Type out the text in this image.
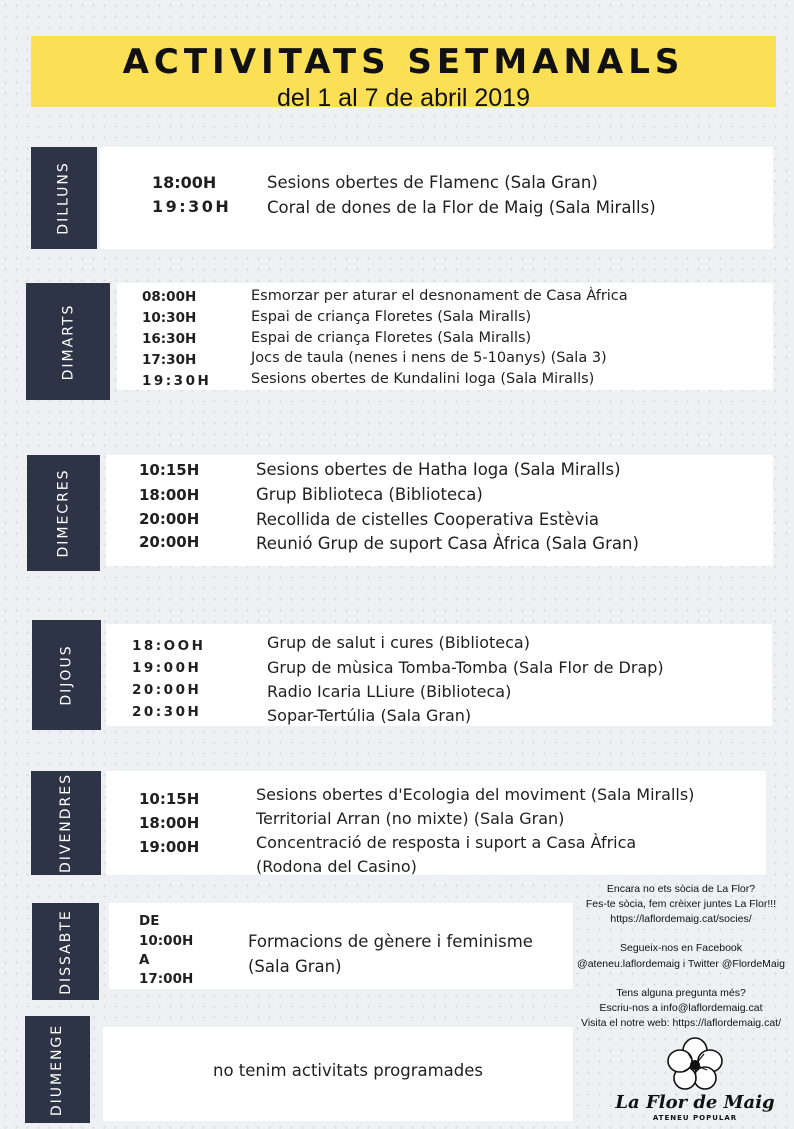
ACTIVITATS SETMANALS
del 1 al 7 de abril 2019
DILLUNS	18:00H	Sesions obertes de Flamenc (Sala Gran)
19:30H Coral de dones de la Flor de Maig (Sala Miralls)
DIMARTS
08:00H	Esmorzar per aturar el desnonament de Casa Àfrica
10:30H	Espai de criança Floretes (Sala Miralls)
16:30H	Espai de criança Floretes (Sala Miralls)
17:30H	Jocs de taula (nenes i nens de 5-10anys) (Sala 3)
19:30H	Sesions obertes de Kundalini Ioga (Sala Miralls)
DIMECRES	10:15H	Sesions obertes de Hatha Ioga (Sala Miralls)
18:00H	Grup Biblioteca (Biblioteca)
20:00H	Recollida de cistelles Cooperativa Estèvia
20:00H	Reunió Grup de suport Casa Àfrica (Sala Gran)
DIJOUS	18:OOH	Grup de salut i cures (Biblioteca)
19:00H	Grup de mùsica Tomba-Tomba (Sala Flor de Drap)
20:00H	Radio Icaria LLiure (Biblioteca)
20:30H	Sopar-Tertúlia (Sala Gran)
DIVENDRES	10:15H	Sesions obertes d'Ecologia del moviment (Sala Miralls)
18:00H	Territorial Arran (no mixte) (Sala Gran)
19:00H	Concentració de resposta i suport a Casa Àfrica
(Rodona del Casino)
DISSABTE	DE
10:00H
A
17:00H
Formacions de gènere i feminisme
(Sala Gran)
DIUMENGE	no tenim activitats programades
Encara no ets sòcia de La Flor?
Fes-te sòcia, fem crèixer juntes La Flor!!!
https://laflordemaig.cat/socies/
Segueix-nos en Facebook
@ateneu.laflordemaig i Twitter @FlordeMaig
Tens alguna pregunta més?
Escriu-nos a info@laflordemaig.cat
Visita el notre web: https://laflordemaig.cat/
La Flor de Maig
ATENEU POPULAR
